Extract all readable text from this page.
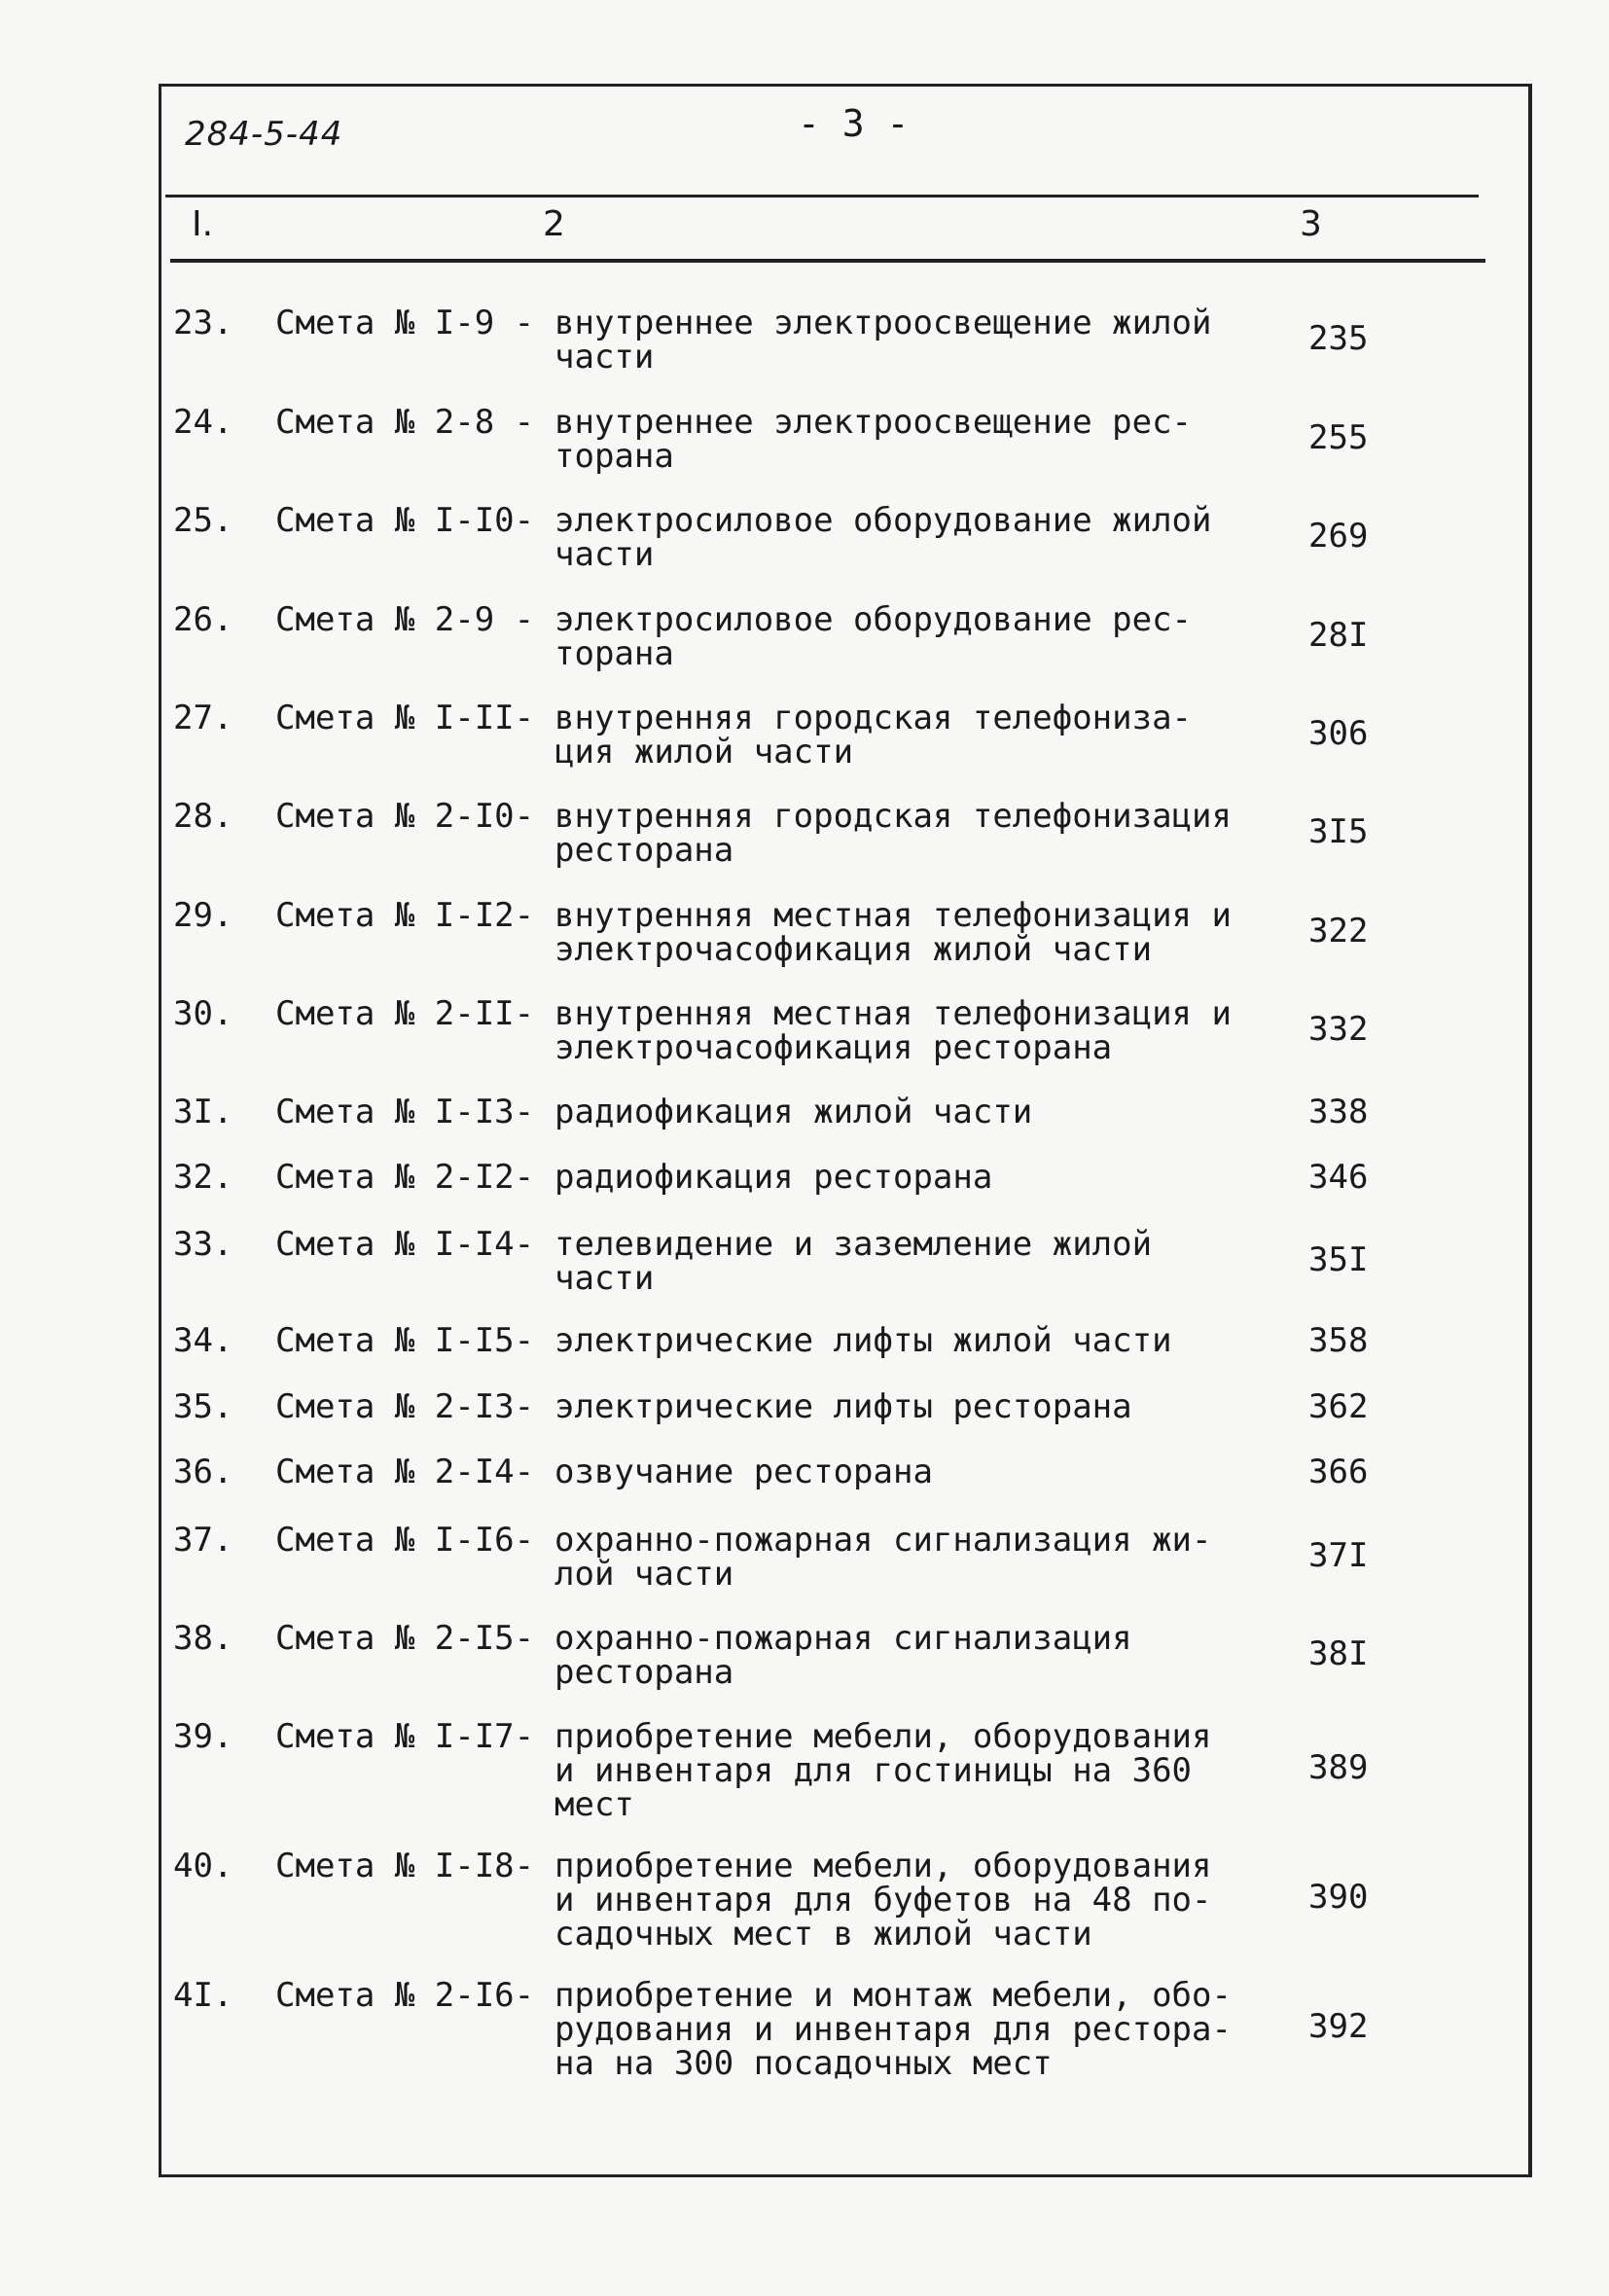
284-5-44	- 3 -
I.	2	3
23. Смета № I-9 - внутреннее электроосвещение жилой
части	235
24. Смета № 2-8 - внутреннее электроосвещение рес-
торана	255
25. Смета № I-I0- электросиловое оборудование жилой
части	269
26. Смета № 2-9 - электросиловое оборудование рес-
торана	28I
27. Смета № I-II- внутренняя городская телефониза-
ция жилой части	306
28. Смета № 2-I0- внутренняя городская телефонизация
ресторана	3I5
29. Смета № I-I2- внутренняя местная телефонизация и
электрочасофикация жилой части	322
30. Смета № 2-II- внутренняя местная телефонизация и
электрочасофикация ресторана	332
3I. Смета № I-I3- радиофикация жилой части	338
32. Смета № 2-I2- радиофикация ресторана	346
33. Смета № I-I4- телевидение и заземление жилой
части	35I
34. Смета № I-I5- электрические лифты жилой части	358
35. Смета № 2-I3- электрические лифты ресторана	362
36. Смета № 2-I4- озвучание ресторана	366
37. Смета № I-I6- охранно-пожарная сигнализация жи-
лой части	37I
38. Смета № 2-I5- охранно-пожарная сигнализация
ресторана	38I
39. Смета № I-I7- приобретение мебели, оборудования
и инвентаря для гостиницы на 360
мест
389
40. Смета № I-I8- приобретение мебели, оборудования
и инвентаря для буфетов на 48 по-
садочных мест в жилой части
390
4I. Смета № 2-I6- приобретение и монтаж мебели, обо-
рудования и инвентаря для рестора-
на на 300 посадочных мест
392
